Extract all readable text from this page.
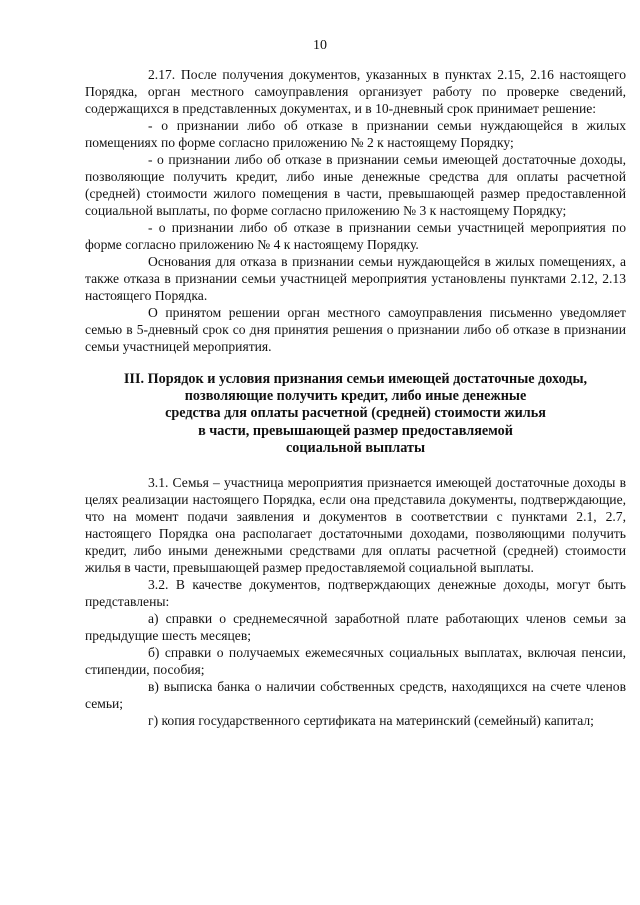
10

2.17. После получения документов, указанных в пунктах 2.15, 2.16 настоящего Порядка, орган местного самоуправления организует работу по проверке сведений, содержащихся в представленных документах, и в 10-дневный срок принимает решение:

- о признании либо об отказе в признании семьи нуждающейся в жилых помещениях по форме согласно приложению № 2 к настоящему Порядку;

- о признании либо об отказе в признании семьи имеющей достаточные доходы, позволяющие получить кредит, либо иные денежные средства для оплаты расчетной (средней) стоимости жилого помещения в части, превышающей размер предоставленной социальной выплаты, по форме согласно приложению № 3 к настоящему Порядку;

- о признании либо об отказе в признании семьи участницей мероприятия по форме согласно приложению № 4 к настоящему Порядку.

Основания для отказа в признании семьи нуждающейся в жилых помещениях, а также отказа в признании семьи участницей мероприятия установлены пунктами 2.12, 2.13 настоящего Порядка.

О принятом решении орган местного самоуправления письменно уведомляет семью в 5-дневный срок со дня принятия решения о признании либо об отказе в признании семьи участницей мероприятия.

III. Порядок и условия признания семьи имеющей достаточные доходы,
позволяющие получить кредит, либо иные денежные
средства для оплаты расчетной (средней) стоимости жилья
в части, превышающей размер предоставляемой
социальной выплаты

3.1. Семья – участница мероприятия признается имеющей достаточные доходы в целях реализации настоящего Порядка, если она представила документы, подтверждающие, что на момент подачи заявления и документов в соответствии с пунктами 2.1, 2.7, настоящего Порядка она располагает достаточными доходами, позволяющими получить кредит, либо иными денежными средствами для оплаты расчетной (средней) стоимости жилья в части, превышающей размер предоставляемой социальной выплаты.

3.2. В качестве документов, подтверждающих денежные доходы, могут быть представлены:

а) справки о среднемесячной заработной плате работающих членов семьи за предыдущие шесть месяцев;

б) справки о получаемых ежемесячных социальных выплатах, включая пенсии, стипендии, пособия;

в) выписка банка о наличии собственных средств, находящихся на счете членов семьи;

г) копия государственного сертификата на материнский (семейный) капитал;
